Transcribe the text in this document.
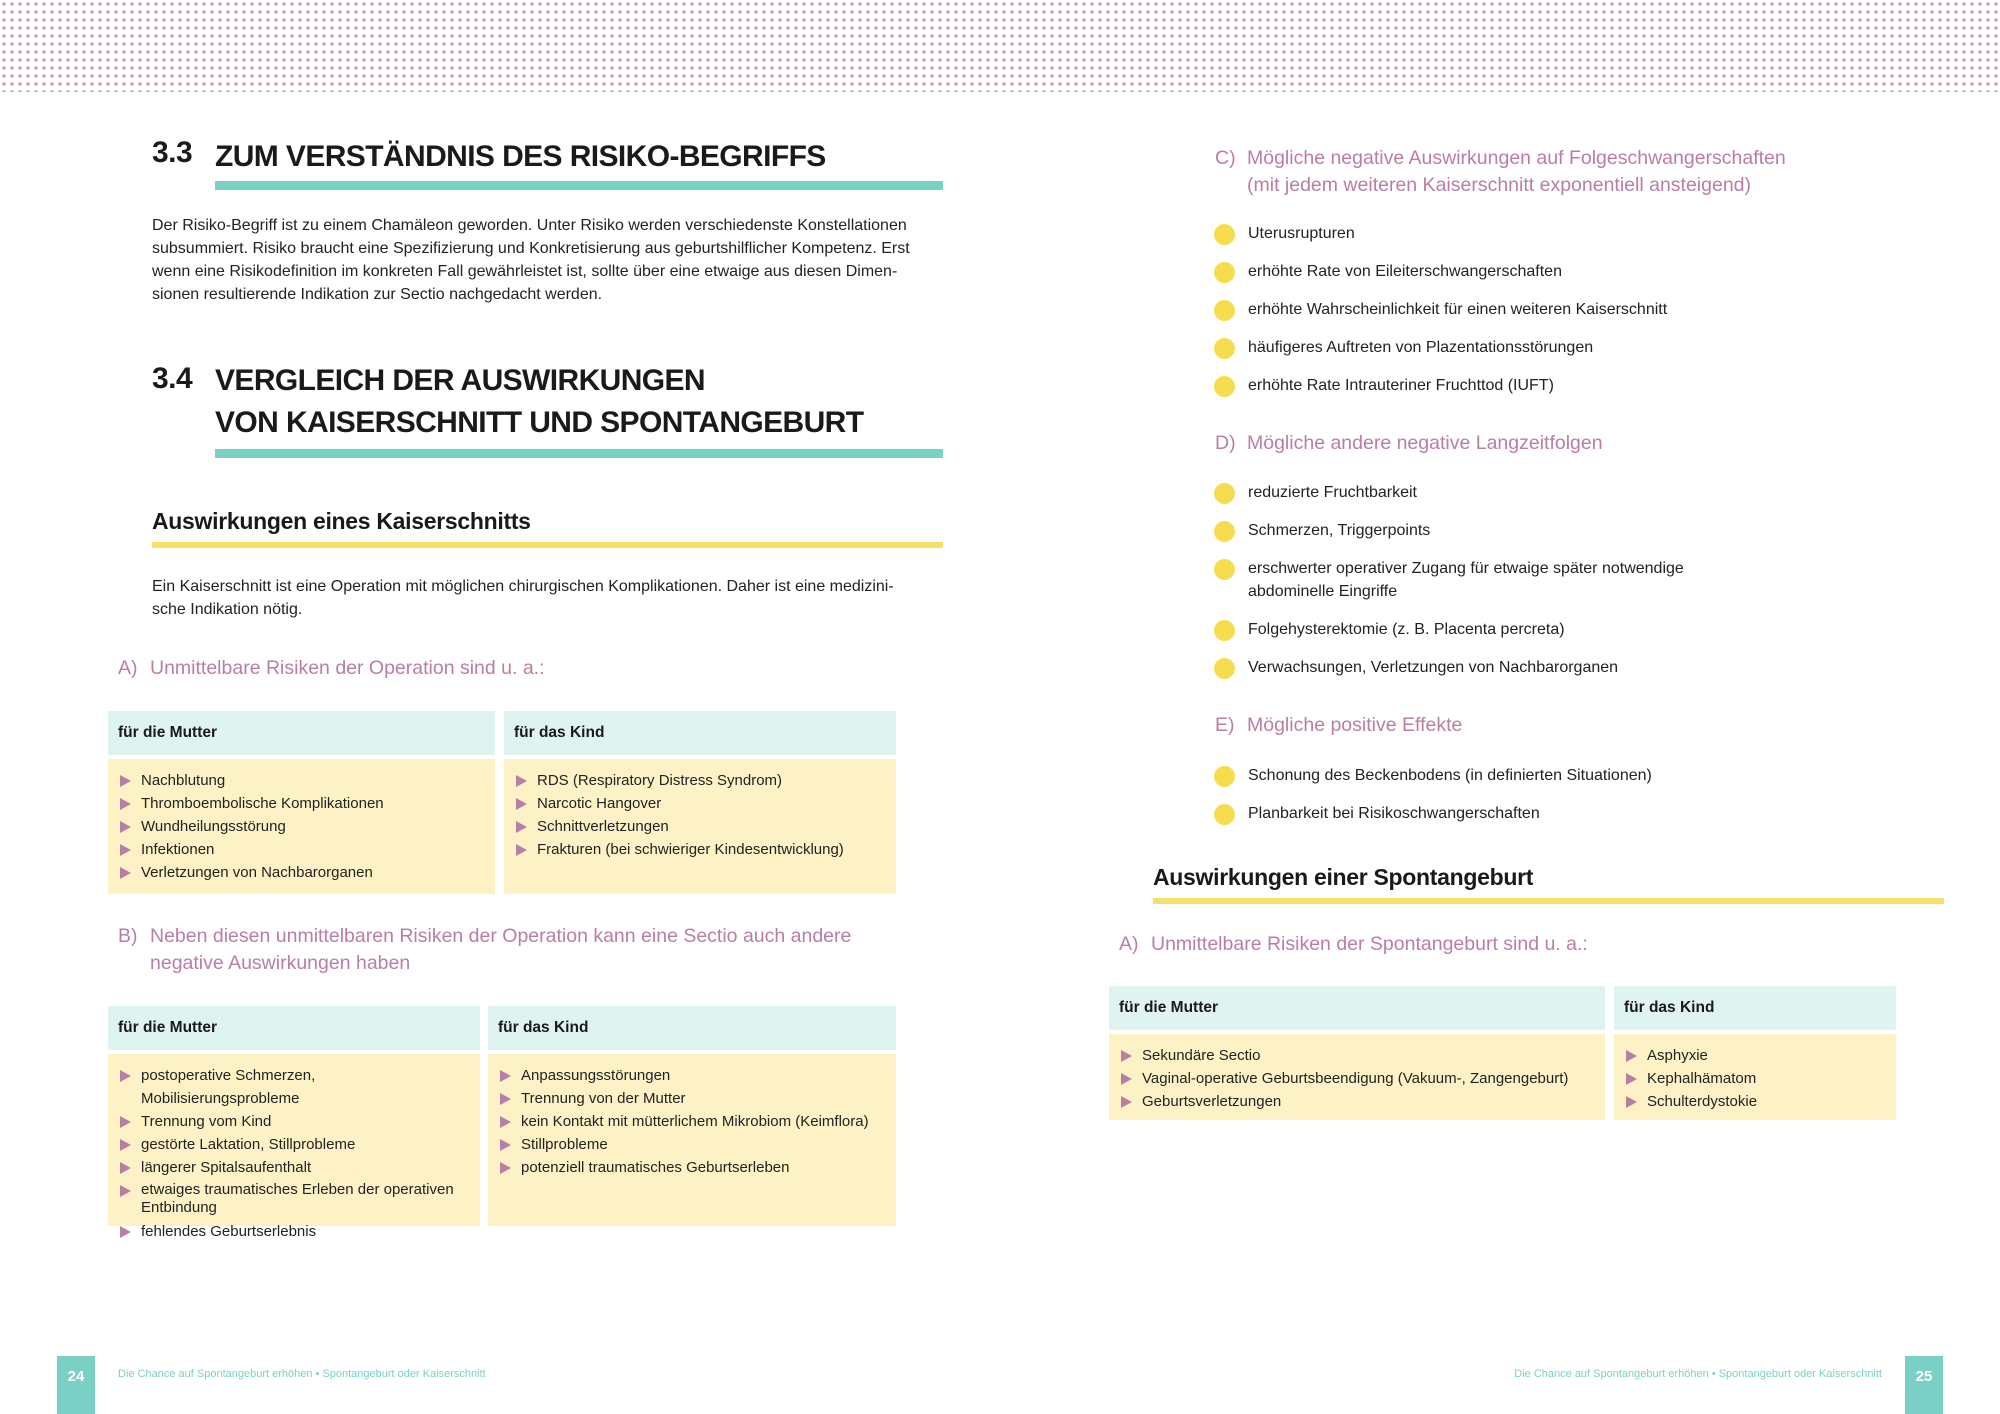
3.3 ZUM VERSTÄNDNIS DES RISIKO-BEGRIFFS
Der Risiko-Begriff ist zu einem Chamäleon geworden. Unter Risiko werden verschiedenste Konstellationen
subsummiert. Risiko braucht eine Spezifizierung und Konkretisierung aus geburtshilflicher Kompetenz. Erst
wenn eine Risikodefinition im konkreten Fall gewährleistet ist, sollte über eine etwaige aus diesen Dimen-
sionen resultierende Indikation zur Sectio nachgedacht werden.
3.4 VERGLEICH DER AUSWIRKUNGEN
VON KAISERSCHNITT UND SPONTANGEBURT
Auswirkungen eines Kaiserschnitts
Ein Kaiserschnitt ist eine Operation mit möglichen chirurgischen Komplikationen. Daher ist eine medizini-
sche Indikation nötig.
A) Unmittelbare Risiken der Operation sind u. a.:
für die Mutter
Nachblutung
Thromboembolische Komplikationen
Wundheilungsstörung
Infektionen
Verletzungen von Nachbarorganen
für das Kind
RDS (Respiratory Distress Syndrom)
Narcotic Hangover
Schnittverletzungen
Frakturen (bei schwieriger Kindesentwicklung)
B) Neben diesen unmittelbaren Risiken der Operation kann eine Sectio auch andere
negative Auswirkungen haben
für die Mutter
postoperative Schmerzen, Mobilisierungsprobleme
Trennung vom Kind
gestörte Laktation, Stillprobleme
längerer Spitalsaufenthalt
etwaiges traumatisches Erleben der operativen Entbindung
fehlendes Geburtserlebnis
für das Kind
Anpassungsstörungen
Trennung von der Mutter
kein Kontakt mit mütterlichem Mikrobiom (Keimflora)
Stillprobleme
potenziell traumatisches Geburtserleben
24	Die Chance auf Spontangeburt erhöhen • Spontangeburt oder Kaiserschnitt
C) Mögliche negative Auswirkungen auf Folgeschwangerschaften
(mit jedem weiteren Kaiserschnitt exponentiell ansteigend)
Uterusrupturen
erhöhte Rate von Eileiterschwangerschaften
erhöhte Wahrscheinlichkeit für einen weiteren Kaiserschnitt
häufigeres Auftreten von Plazentationsstörungen
erhöhte Rate Intrauteriner Fruchttod (IUFT)
D) Mögliche andere negative Langzeitfolgen
reduzierte Fruchtbarkeit
Schmerzen, Triggerpoints
erschwerter operativer Zugang für etwaige später notwendige abdominelle Eingriffe
Folgehysterektomie (z. B. Placenta percreta)
Verwachsungen, Verletzungen von Nachbarorganen
E) Mögliche positive Effekte
Schonung des Beckenbodens (in definierten Situationen)
Planbarkeit bei Risikoschwangerschaften
Auswirkungen einer Spontangeburt
A) Unmittelbare Risiken der Spontangeburt sind u. a.:
für die Mutter
Sekundäre Sectio
Vaginal-operative Geburtsbeendigung (Vakuum-, Zangengeburt)
Geburtsverletzungen
für das Kind
Asphyxie
Kephalhämatom
Schulterdystokie
Die Chance auf Spontangeburt erhöhen • Spontangeburt oder Kaiserschnitt	25
